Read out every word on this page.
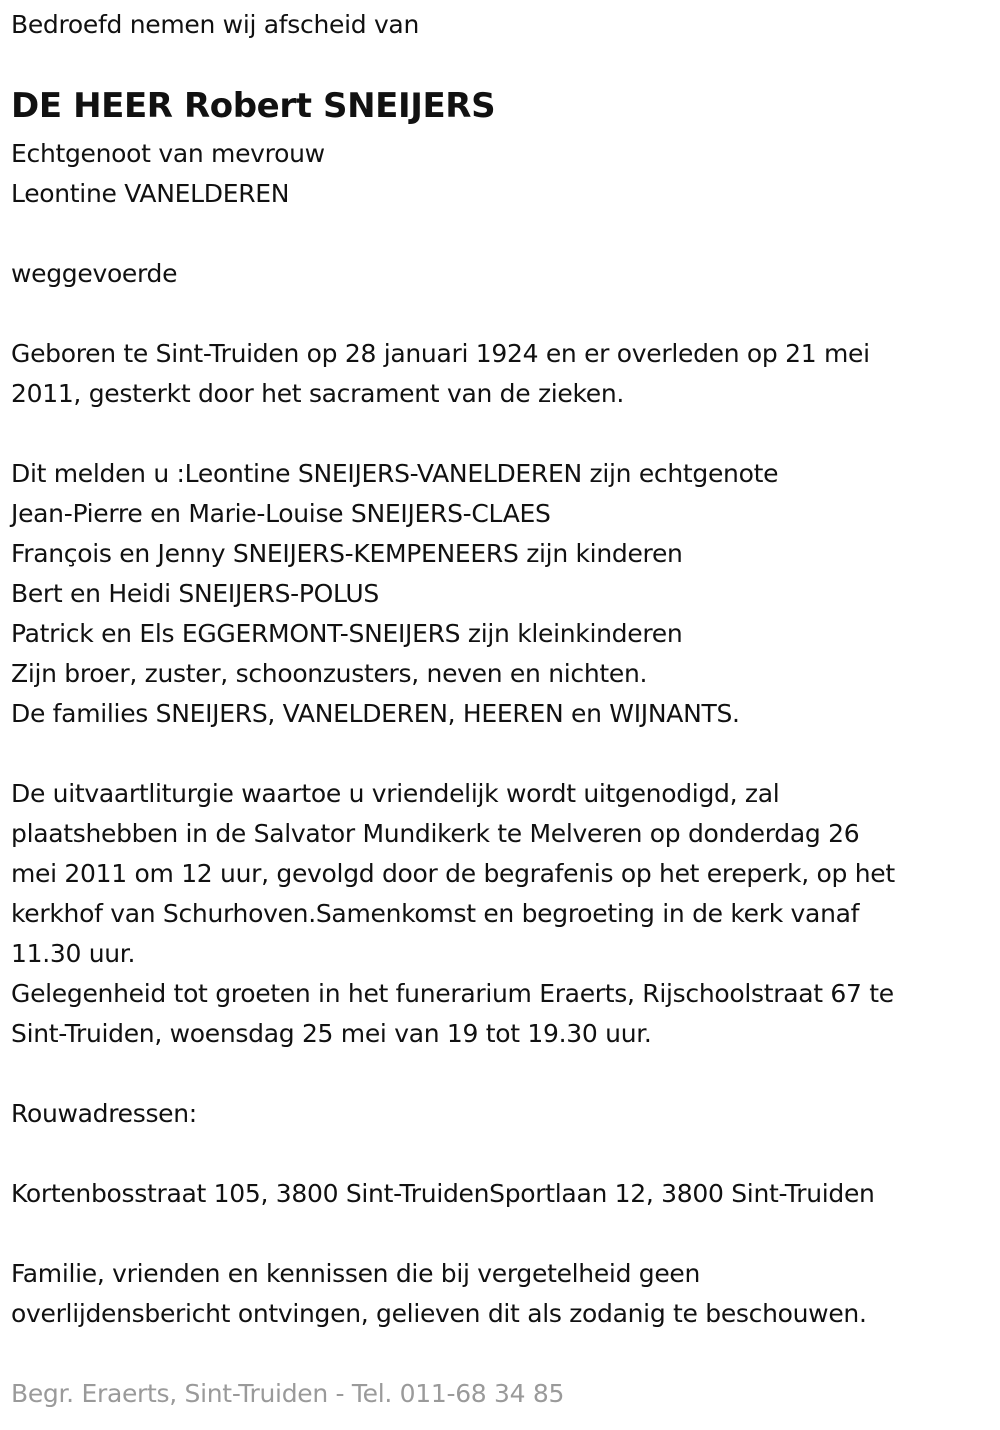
Bedroefd nemen wij afscheid van
DE HEER Robert SNEIJERS
Echtgenoot van mevrouw
Leontine VANELDEREN
weggevoerde
Geboren te Sint-Truiden op 28 januari 1924 en er overleden op 21 mei
2011, gesterkt door het sacrament van de zieken.
Dit melden u :Leontine SNEIJERS-VANELDEREN zijn echtgenote
Jean-Pierre en Marie-Louise SNEIJERS-CLAES
François en Jenny SNEIJERS-KEMPENEERS zijn kinderen
Bert en Heidi SNEIJERS-POLUS
Patrick en Els EGGERMONT-SNEIJERS zijn kleinkinderen
Zijn broer, zuster, schoonzusters, neven en nichten.
De families SNEIJERS, VANELDEREN, HEEREN en WIJNANTS.
De uitvaartliturgie waartoe u vriendelijk wordt uitgenodigd, zal
plaatshebben in de Salvator Mundikerk te Melveren op donderdag 26
mei 2011 om 12 uur, gevolgd door de begrafenis op het ereperk, op het
kerkhof van Schurhoven.Samenkomst en begroeting in de kerk vanaf
11.30 uur.
Gelegenheid tot groeten in het funerarium Eraerts, Rijschoolstraat 67 te
Sint-Truiden, woensdag 25 mei van 19 tot 19.30 uur.
Rouwadressen:
Kortenbosstraat 105, 3800 Sint-TruidenSportlaan 12, 3800 Sint-Truiden
Familie, vrienden en kennissen die bij vergetelheid geen
overlijdensbericht ontvingen, gelieven dit als zodanig te beschouwen.
Begr. Eraerts, Sint-Truiden - Tel. 011-68 34 85
